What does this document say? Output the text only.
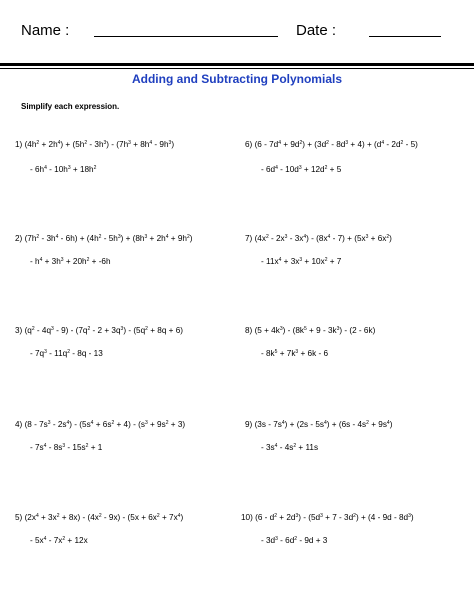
Name :	Date :
Adding and Subtracting Polynomials
Simplify each expression.
1) $(4h^2 + 2h^4) + (5h^2 - 3h^3) - (7h^3 + 8h^4 - 9h^3)$
- $6h^4 - 10h^3 + 18h^2$
2) $(7h^2 - 3h^4 - 6h) + (4h^2 - 5h^3) + (8h^3 + 2h^4 + 9h^2)$
- $h^4 + 3h^3 + 20h^2 + -6h$
3) $(q^2 - 4q^3 - 9) - (7q^2 - 2 + 3q^3) - (5q^2 + 8q + 6)$
- $7q^3 - 11q^2 - 8q - 13$
4) $(8 - 7s^3 - 2s^4) - (5s^4 + 6s^2 + 4) - (s^3 + 9s^2 + 3)$
- $7s^4 - 8s^3 - 15s^2 + 1$
5) $(2x^4 + 3x^2 + 8x) - (4x^2 - 9x) - (5x + 6x^2 + 7x^4)$
- $5x^4 - 7x^2 + 12x$
6) $(6 - 7d^4 + 9d^2) + (3d^2 - 8d^3 + 4) + (d^4 - 2d^2 - 5)$
- $6d^4 - 10d^3 + 12d^2 + 5$
7) $(4x^2 - 2x^3 - 3x^4) - (8x^4 - 7) + (5x^3 + 6x^2)$
- $11x^4 + 3x^3 + 10x^2 + 7$
8) $(5 + 4k^3) - (8k^5 + 9 - 3k^3) - (2 - 6k)$
- $8k^5 + 7k^3 + 6k - 6$
9) $(3s - 7s^4) + (2s - 5s^4) + (6s - 4s^2 + 9s^4)$
- $3s^4 - 4s^2 + 11s$
10) $(6 - d^2 + 2d^3) - (5d^3 + 7 - 3d^2) + (4 - 9d - 8d^3)$
- $3d^3 - 6d^2 - 9d + 3$
